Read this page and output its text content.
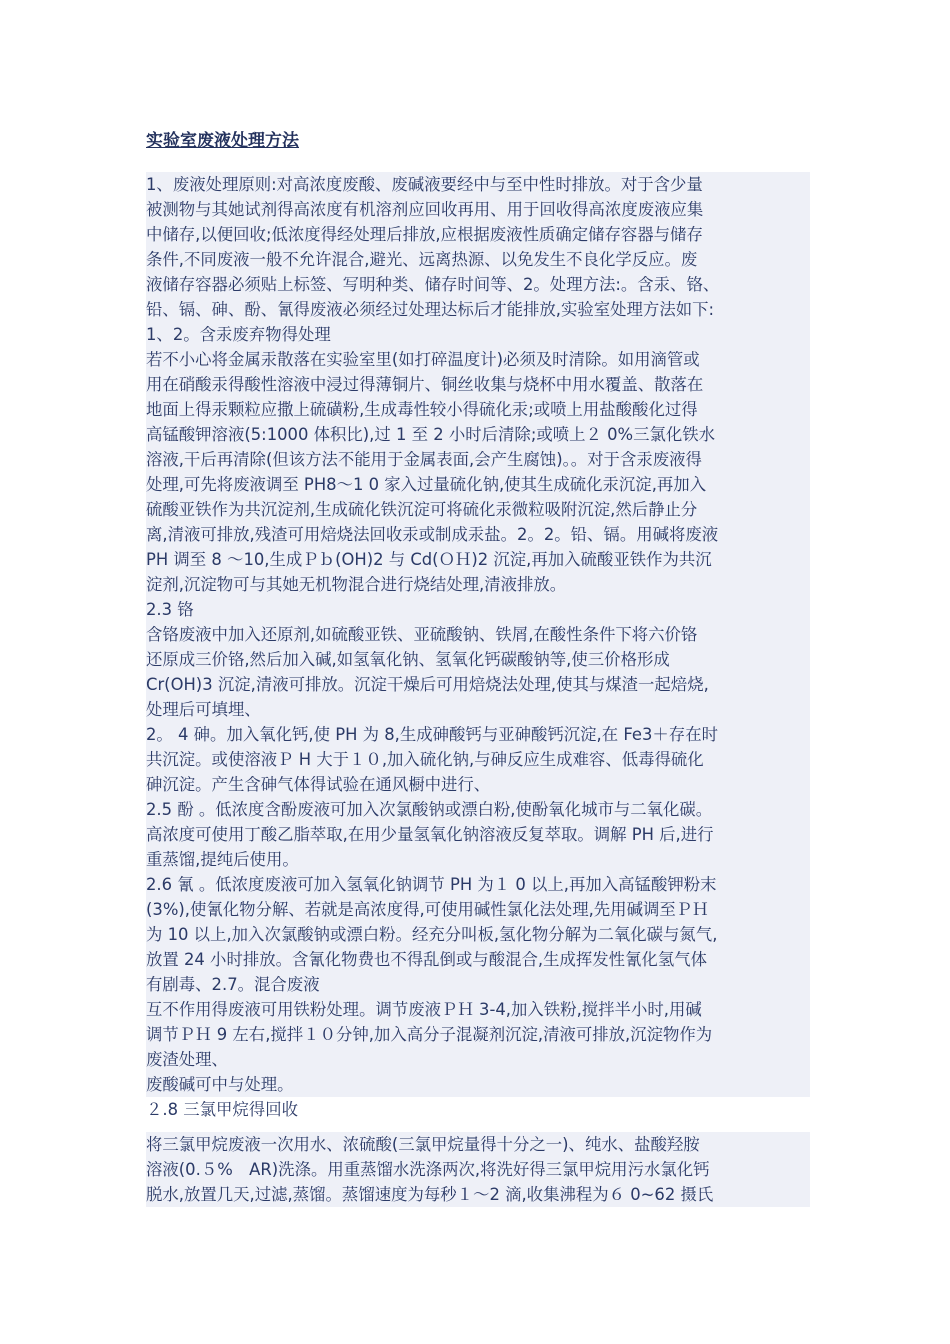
实验室废液处理方法
1、废液处理原则:对高浓度废酸、废碱液要经中与至中性时排放。对于含少量
被测物与其她试剂得高浓度有机溶剂应回收再用、用于回收得高浓度废液应集
中储存,以便回收;低浓度得经处理后排放,应根据废液性质确定储存容器与储存
条件,不同废液一般不允许混合,避光、远离热源、以免发生不良化学反应。废
液储存容器必须贴上标签、写明种类、储存时间等、2。处理方法:。含汞、铬、
铅、镉、砷、酚、氰得废液必须经过处理达标后才能排放,实验室处理方法如下:
1、2。含汞废弃物得处理
若不小心将金属汞散落在实验室里(如打碎温度计)必须及时清除。如用滴管或
用在硝酸汞得酸性溶液中浸过得薄铜片、铜丝收集与烧杯中用水覆盖、散落在
地面上得汞颗粒应撒上硫磺粉,生成毒性较小得硫化汞;或喷上用盐酸酸化过得
高锰酸钾溶液(5:1000 体积比),过 1 至 2 小时后清除;或喷上２ 0%三氯化铁水
溶液,干后再清除(但该方法不能用于金属表面,会产生腐蚀)。。对于含汞废液得
处理,可先将废液调至 PH8～1 0 家入过量硫化钠,使其生成硫化汞沉淀,再加入
硫酸亚铁作为共沉淀剂,生成硫化铁沉淀可将硫化汞微粒吸附沉淀,然后静止分
离,清液可排放,残渣可用焙烧法回收汞或制成汞盐。2。2。铅、镉。用碱将废液
PH 调至 8 ～10,生成Ｐｂ(OH)2 与 Cd(ＯＨ)2 沉淀,再加入硫酸亚铁作为共沉
淀剂,沉淀物可与其她无机物混合进行烧结处理,清液排放。
2.3 铬
含铬废液中加入还原剂,如硫酸亚铁、亚硫酸钠、铁屑,在酸性条件下将六价铬
还原成三价铬,然后加入碱,如氢氧化钠、氢氧化钙碳酸钠等,使三价格形成
Cr(OH)3 沉淀,清液可排放。沉淀干燥后可用焙烧法处理,使其与煤渣一起焙烧,
处理后可填埋、
2。 4 砷。加入氧化钙,使 PH 为 8,生成砷酸钙与亚砷酸钙沉淀,在 Fe3＋存在时
共沉淀。或使溶液Ｐ H 大于１０,加入硫化钠,与砷反应生成难容、低毒得硫化
砷沉淀。产生含砷气体得试验在通风橱中进行、
2.5 酚 。低浓度含酚废液可加入次氯酸钠或漂白粉,使酚氧化城市与二氧化碳。
高浓度可使用丁酸乙脂萃取,在用少量氢氧化钠溶液反复萃取。调解 PH 后,进行
重蒸馏,提纯后使用。
2.6 氰 。低浓度废液可加入氢氧化钠调节 PH 为１ 0 以上,再加入高锰酸钾粉末
(3%),使氰化物分解、若就是高浓度得,可使用碱性氯化法处理,先用碱调至ＰＨ
为 10 以上,加入次氯酸钠或漂白粉。经充分叫板,氢化物分解为二氧化碳与氮气,
放置 24 小时排放。含氰化物费也不得乱倒或与酸混合,生成挥发性氰化氢气体
有剧毒、2.7。混合废液
互不作用得废液可用铁粉处理。调节废液ＰＨ 3-4,加入铁粉,搅拌半小时,用碱
调节ＰＨ 9 左右,搅拌１０分钟,加入高分子混凝剂沉淀,清液可排放,沉淀物作为
废渣处理、
废酸碱可中与处理。

２.8 三氯甲烷得回收

将三氯甲烷废液一次用水、浓硫酸(三氯甲烷量得十分之一)、纯水、盐酸羟胺
溶液(0.５%　AR)洗涤。用重蒸馏水洗涤两次,将洗好得三氯甲烷用污水氯化钙
脱水,放置几天,过滤,蒸馏。蒸馏速度为每秒１～2 滴,收集沸程为６ 0~62 摄氏
